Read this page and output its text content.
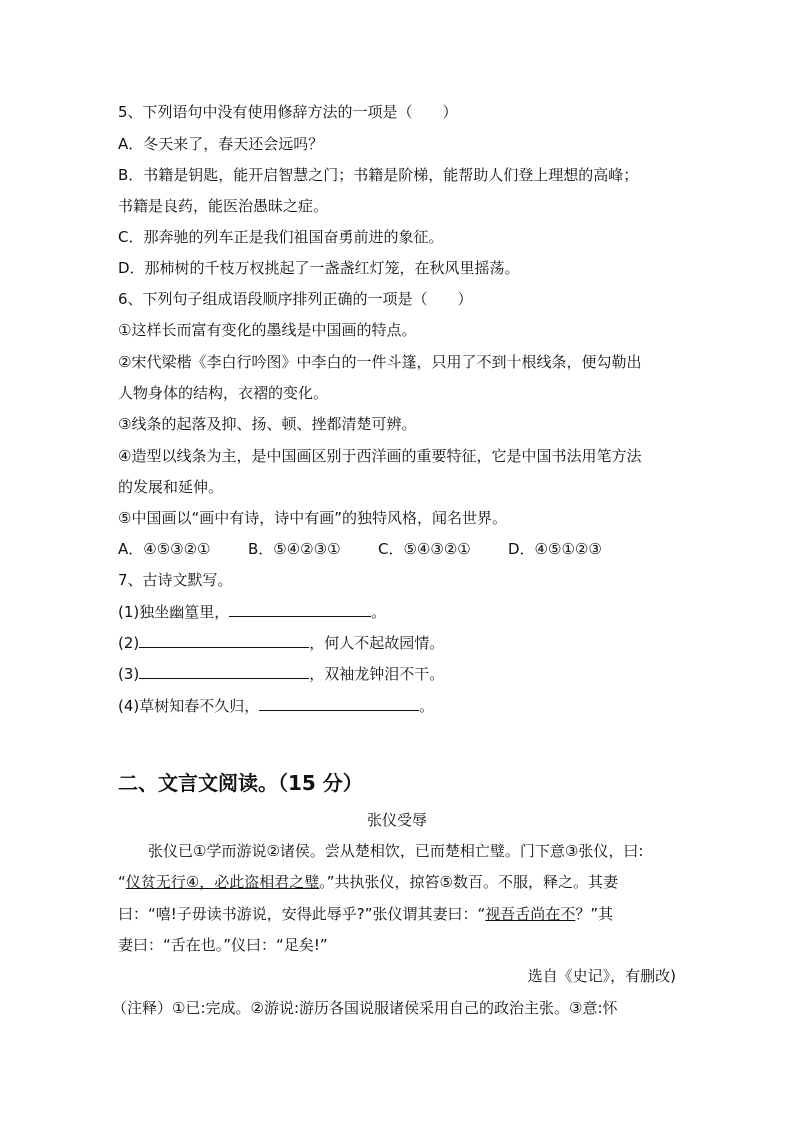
5、下列语句中没有使用修辞方法的一项是（　　）
A．冬天来了，春天还会远吗？
B．书籍是钥匙，能开启智慧之门；书籍是阶梯，能帮助人们登上理想的高峰；
书籍是良药，能医治愚昧之症。
C．那奔驰的列车正是我们祖国奋勇前进的象征。
D．那柿树的千枝万杈挑起了一盏盏红灯笼，在秋风里摇荡。
6、下列句子组成语段顺序排列正确的一项是（　　）
①这样长而富有变化的墨线是中国画的特点。
②宋代梁楷《李白行吟图》中李白的一件斗篷，只用了不到十根线条，便勾勒出
人物身体的结构，衣褶的变化。
③线条的起落及抑、扬、顿、挫都清楚可辨。
④造型以线条为主，是中国画区别于西洋画的重要特征，它是中国书法用笔方法
的发展和延伸。
⑤中国画以“画中有诗，诗中有画”的独特风格，闻名世界。
A．④⑤③②①	B．⑤④②③① C．⑤④③②① D．④⑤①②③
7、古诗文默写。
(1)独坐幽篁里，	。
(2)	，何人不起故园情。
(3)	，双袖龙钟泪不干。
(4)草树知春不久归，	。
二、文言文阅读。（15 分）
张仪受辱
张仪已①学而游说②诸侯。尝从楚相饮，已而楚相亡璧。门下意③张仪，曰:
“仪贫无行④，必此盗相君之璧。”共执张仪，掠笞⑤数百。不服，释之。其妻
曰：“嘻!子毋读书游说，安得此辱乎?”张仪谓其妻曰：“视吾舌尚在不？”其
妻曰：“舌在也。”仪曰：“足矣!”
选自《史记》，有删改)
（注释）①已:完成。②游说:游历各国说服诸侯采用自己的政治主张。③意:怀
